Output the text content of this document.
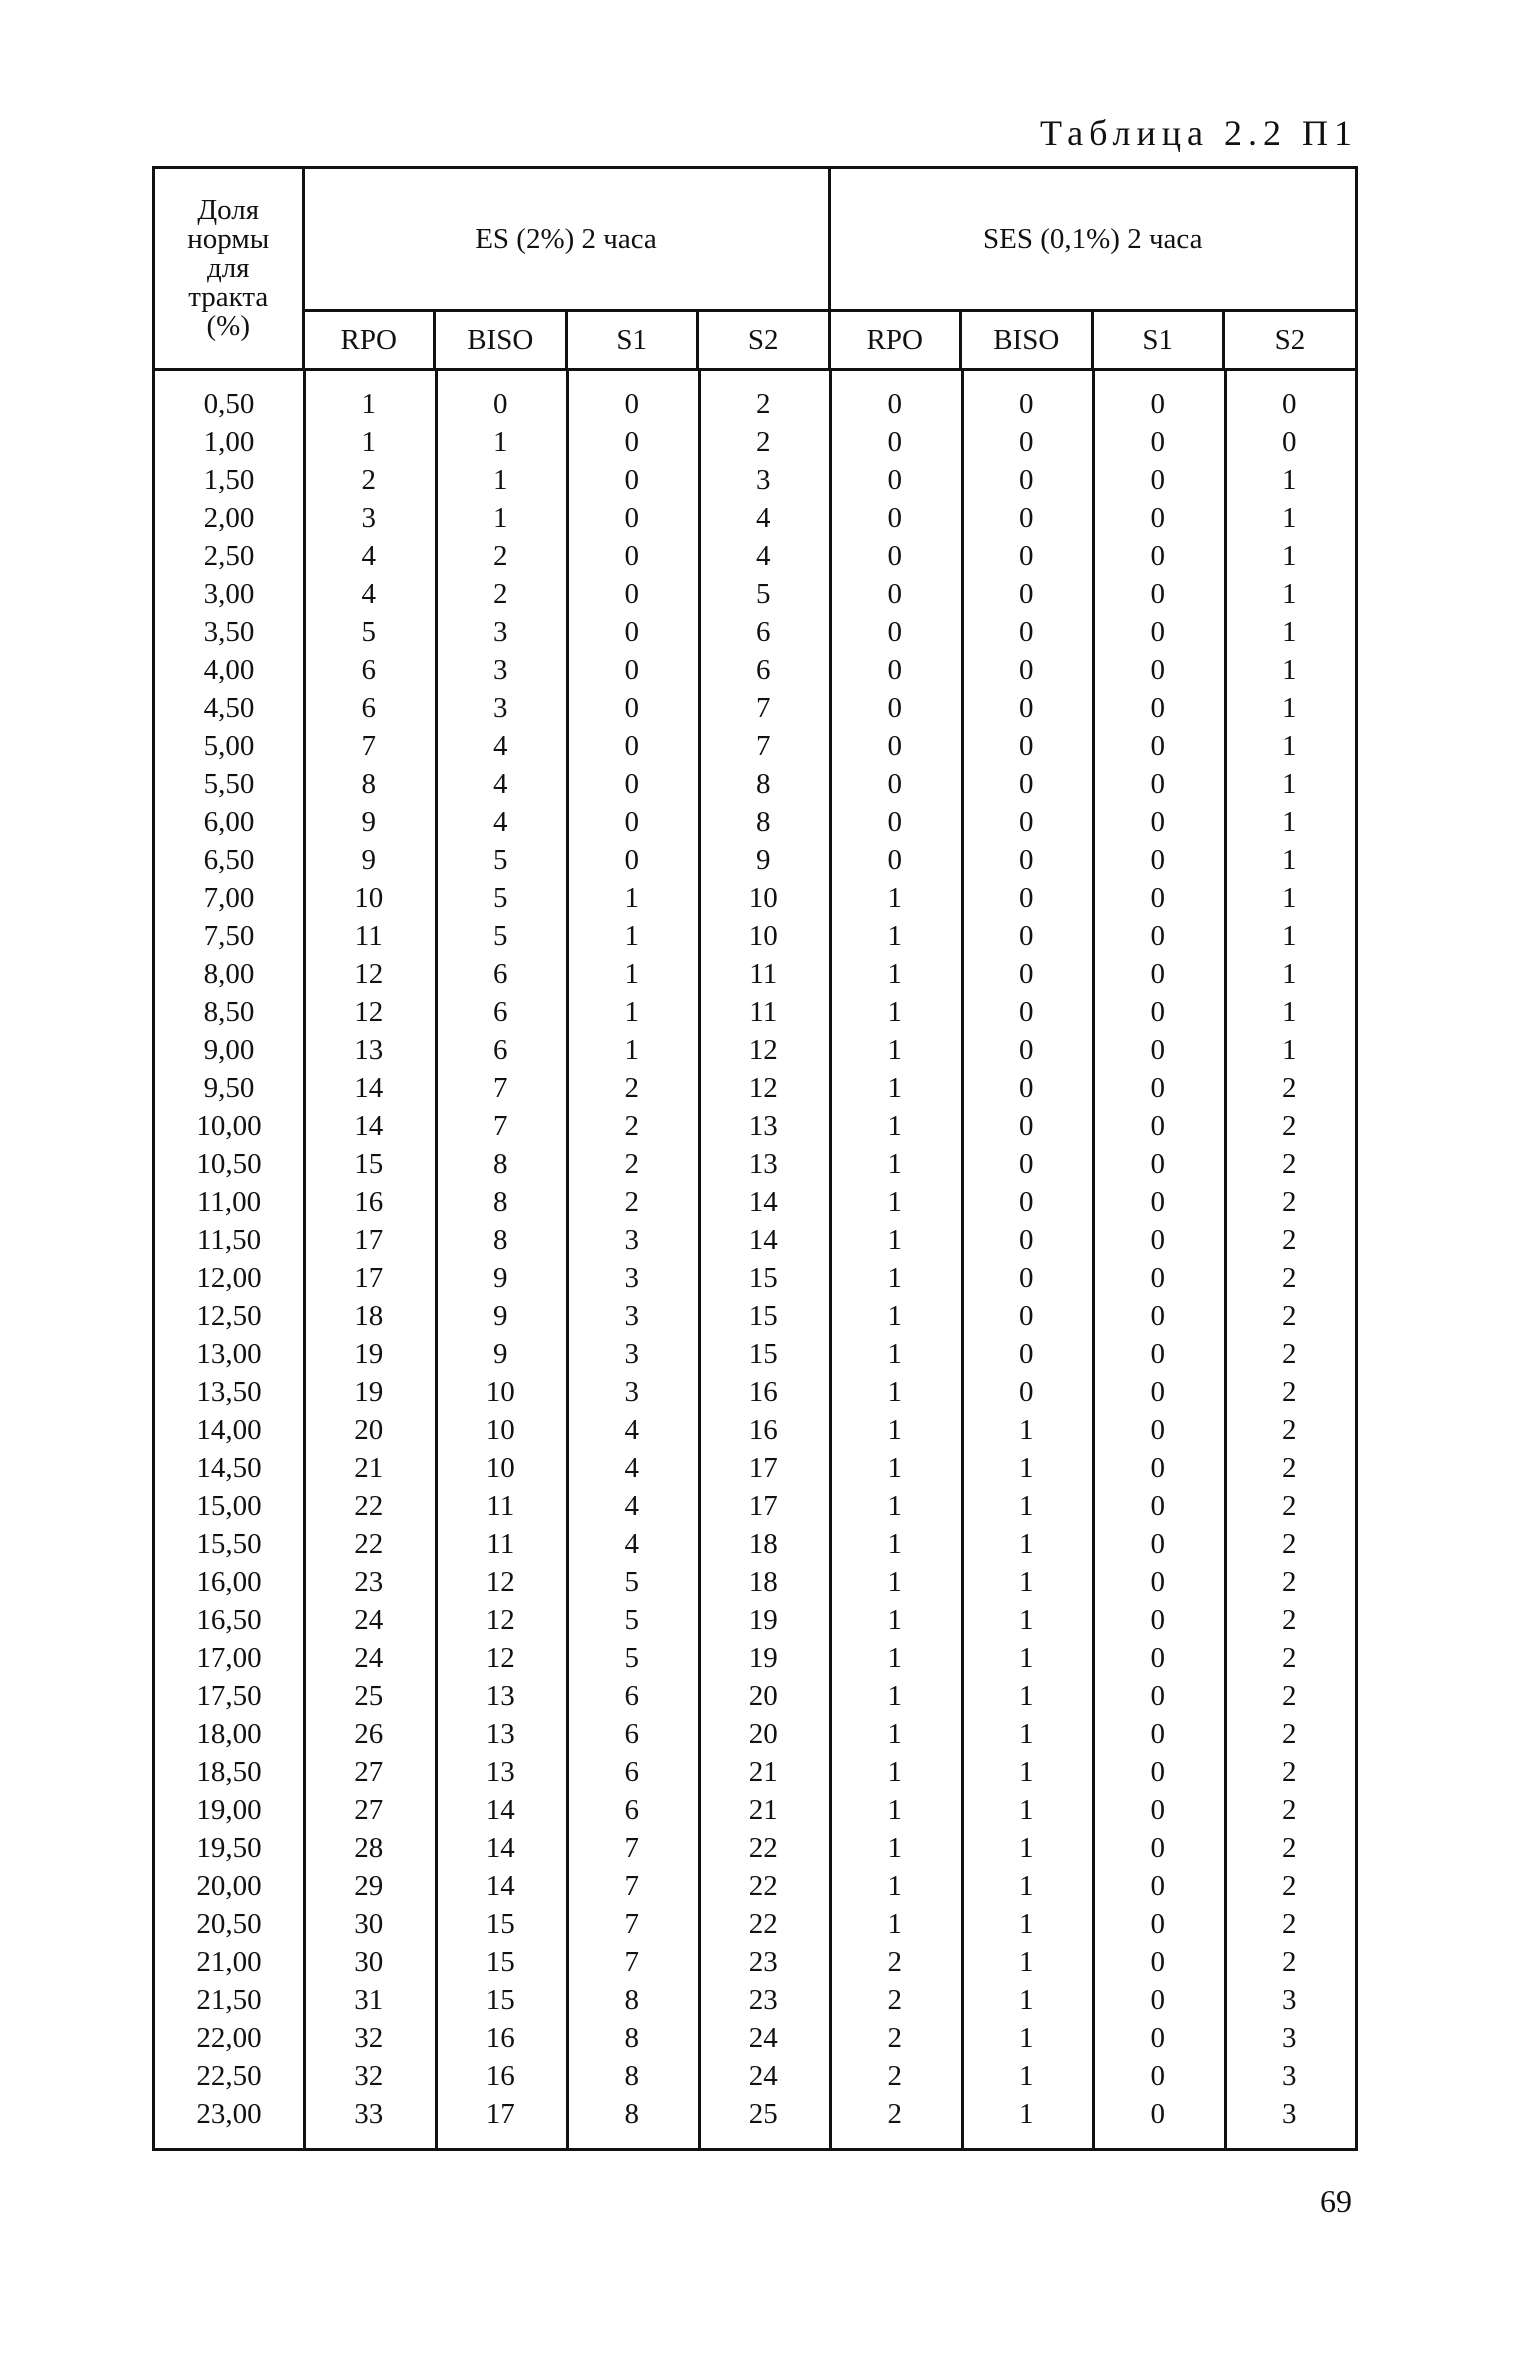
Таблица 2.2 П1
Доля
нормы
для
тракта
(%)	ES (2%) 2 часа				SES (0,1%) 2 часа			
	RPO	BISO	S1	S2	RPO	BISO	S1	S2
0,50	1	0	0	2	0	0	0	0
1,00	1	1	0	2	0	0	0	0
1,50	2	1	0	3	0	0	0	1
2,00	3	1	0	4	0	0	0	1
2,50	4	2	0	4	0	0	0	1
3,00	4	2	0	5	0	0	0	1
3,50	5	3	0	6	0	0	0	1
4,00	6	3	0	6	0	0	0	1
4,50	6	3	0	7	0	0	0	1
5,00	7	4	0	7	0	0	0	1
5,50	8	4	0	8	0	0	0	1
6,00	9	4	0	8	0	0	0	1
6,50	9	5	0	9	0	0	0	1
7,00	10	5	1	10	1	0	0	1
7,50	11	5	1	10	1	0	0	1
8,00	12	6	1	11	1	0	0	1
8,50	12	6	1	11	1	0	0	1
9,00	13	6	1	12	1	0	0	1
9,50	14	7	2	12	1	0	0	2
10,00	14	7	2	13	1	0	0	2
10,50	15	8	2	13	1	0	0	2
11,00	16	8	2	14	1	0	0	2
11,50	17	8	3	14	1	0	0	2
12,00	17	9	3	15	1	0	0	2
12,50	18	9	3	15	1	0	0	2
13,00	19	9	3	15	1	0	0	2
13,50	19	10	3	16	1	0	0	2
14,00	20	10	4	16	1	1	0	2
14,50	21	10	4	17	1	1	0	2
15,00	22	11	4	17	1	1	0	2
15,50	22	11	4	18	1	1	0	2
16,00	23	12	5	18	1	1	0	2
16,50	24	12	5	19	1	1	0	2
17,00	24	12	5	19	1	1	0	2
17,50	25	13	6	20	1	1	0	2
18,00	26	13	6	20	1	1	0	2
18,50	27	13	6	21	1	1	0	2
19,00	27	14	6	21	1	1	0	2
19,50	28	14	7	22	1	1	0	2
20,00	29	14	7	22	1	1	0	2
20,50	30	15	7	22	1	1	0	2
21,00	30	15	7	23	2	1	0	2
21,50	31	15	8	23	2	1	0	3
22,00	32	16	8	24	2	1	0	3
22,50	32	16	8	24	2	1	0	3
23,00	33	17	8	25	2	1	0	3
69
